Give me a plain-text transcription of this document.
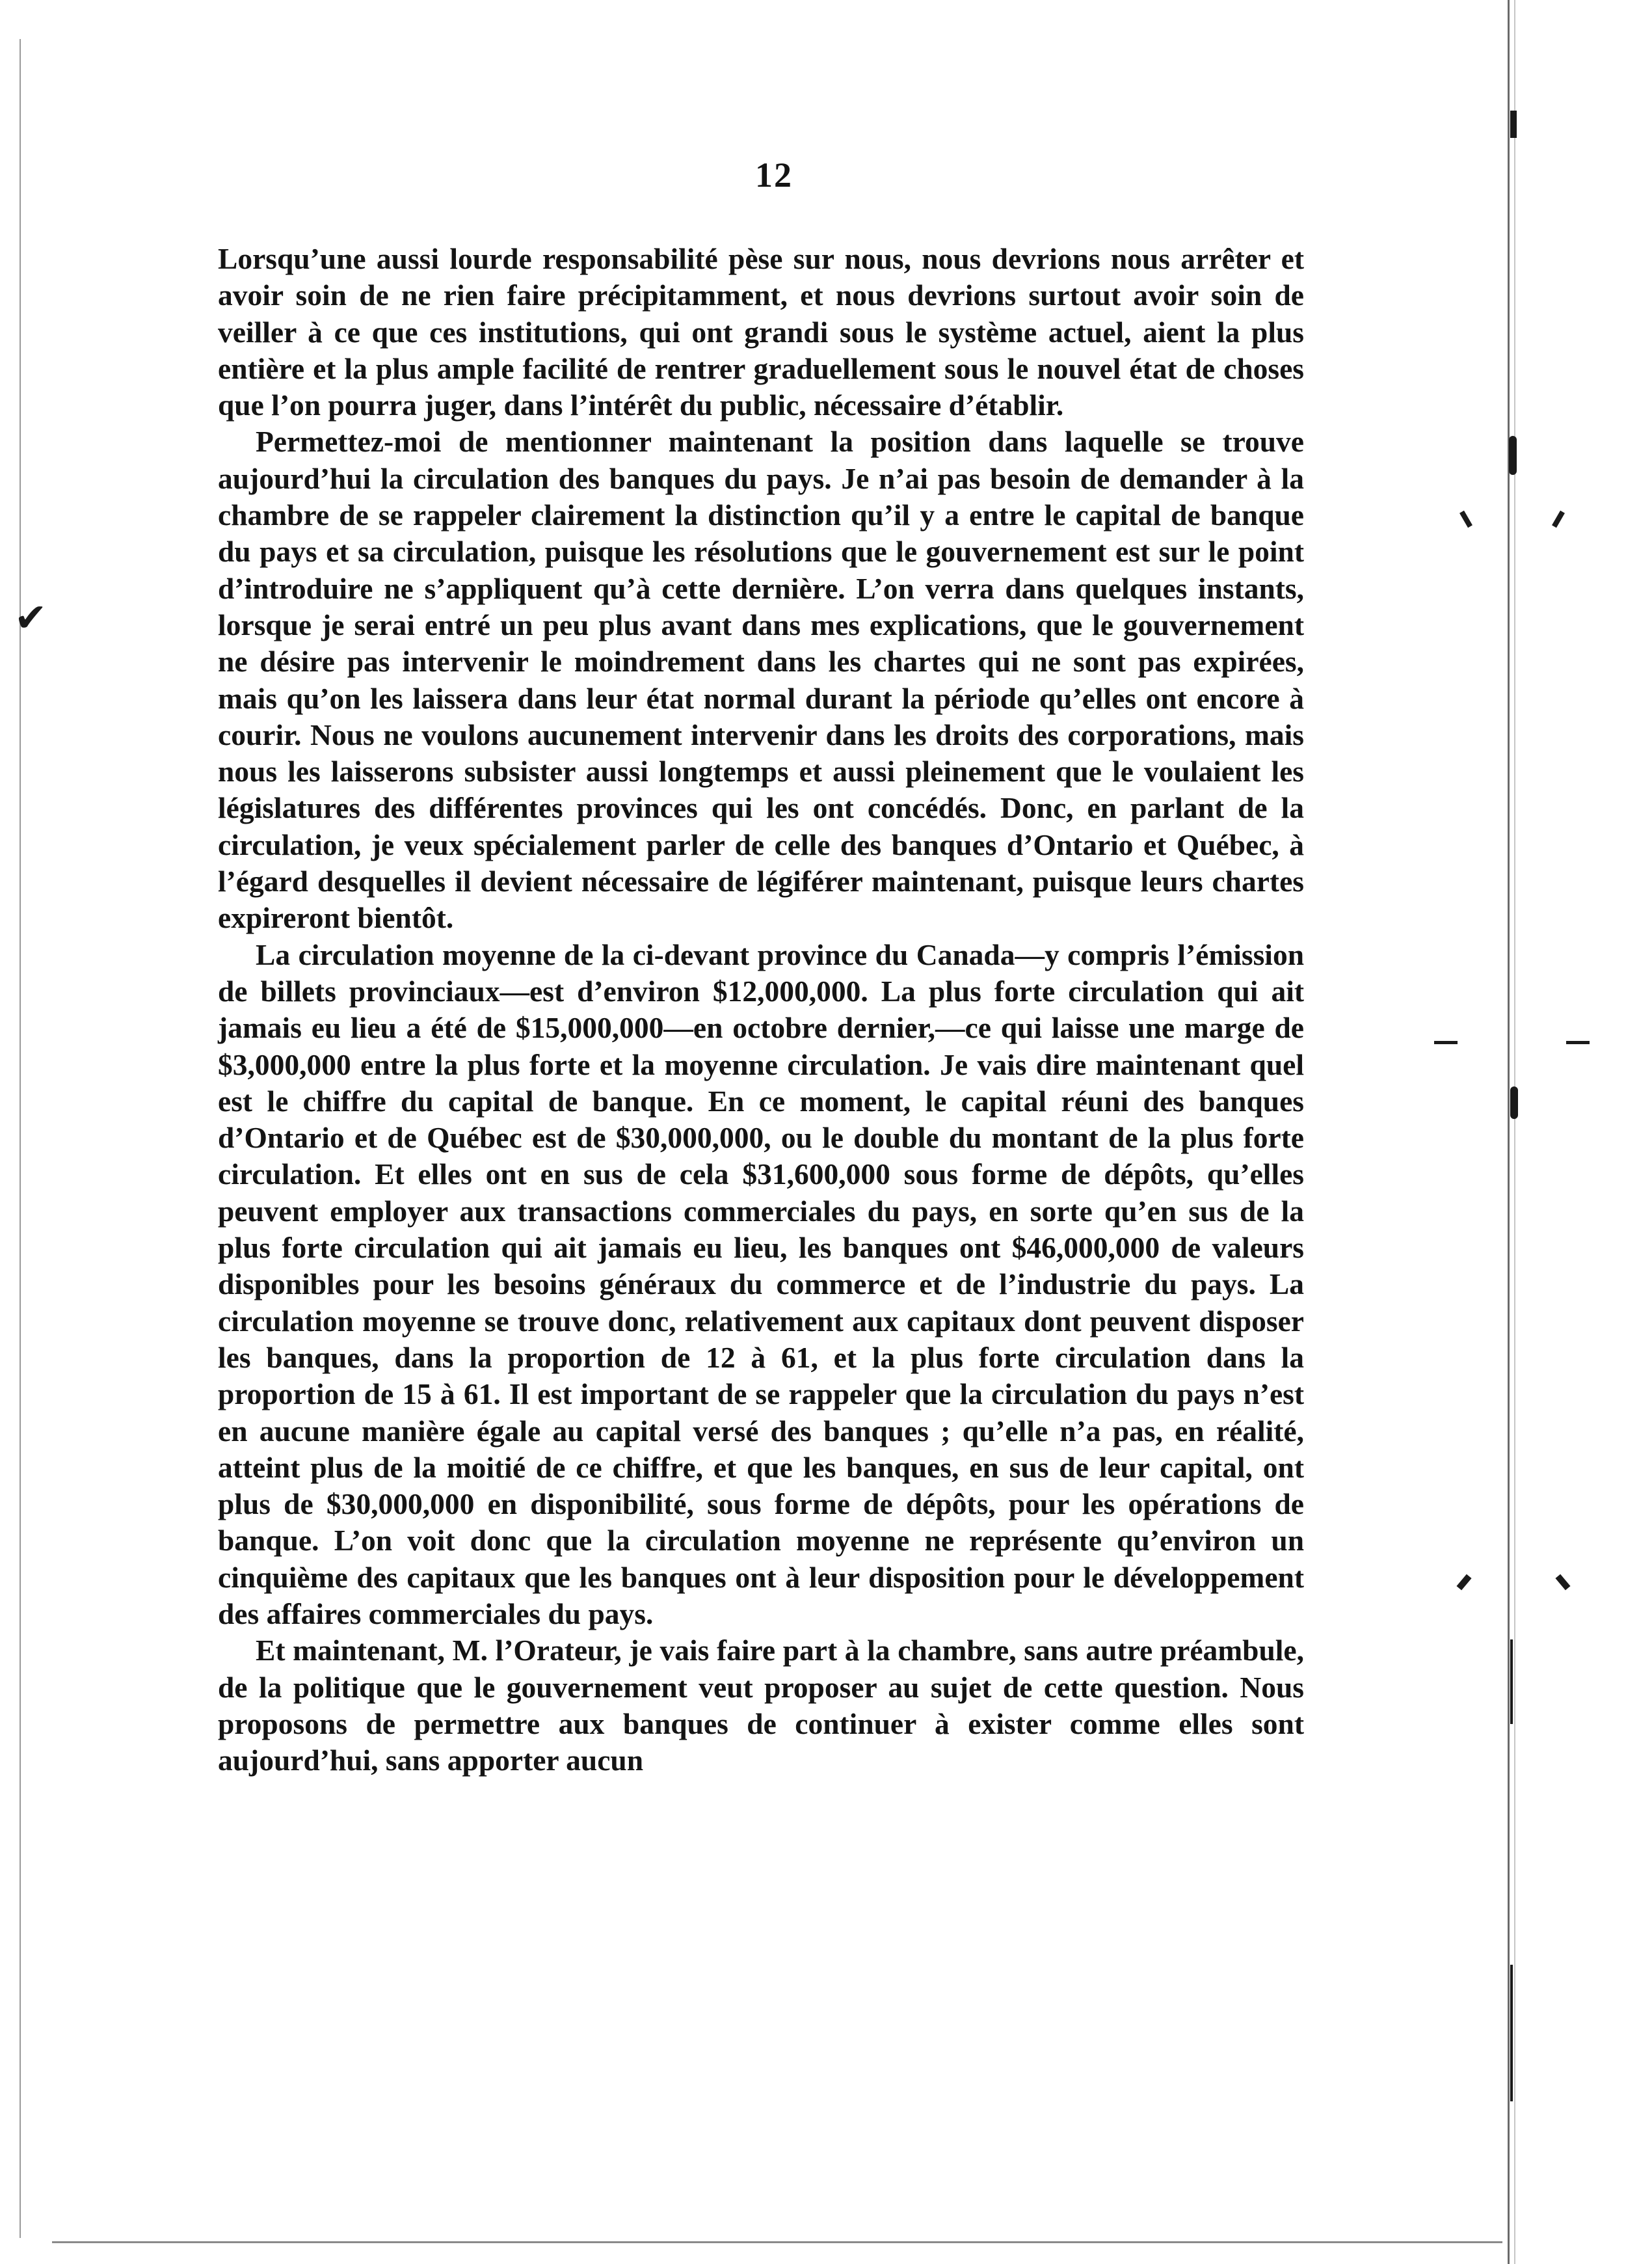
✔
12

Lorsqu’une aussi lourde responsabilité pèse sur nous, nous devrions nous arrêter et avoir soin de ne rien faire précipitamment, et nous devrions surtout avoir soin de veiller à ce que ces institutions, qui ont grandi sous le système actuel, aient la plus entière et la plus ample facilité de rentrer graduellement sous le nouvel état de choses que l’on pourra juger, dans l’intérêt du public, nécessaire d’établir.

Permettez-moi de mentionner maintenant la position dans laquelle se trouve aujourd’hui la circulation des banques du pays. Je n’ai pas besoin de demander à la chambre de se rappeler clairement la distinction qu’il y a entre le capital de banque du pays et sa circulation, puisque les résolutions que le gouvernement est sur le point d’introduire ne s’appliquent qu’à cette dernière. L’on verra dans quelques instants, lorsque je serai entré un peu plus avant dans mes explications, que le gouvernement ne désire pas intervenir le moindrement dans les chartes qui ne sont pas expirées, mais qu’on les laissera dans leur état normal durant la période qu’elles ont encore à courir. Nous ne voulons aucunement intervenir dans les droits des corporations, mais nous les laisserons subsister aussi longtemps et aussi pleinement que le voulaient les législatures des différentes provinces qui les ont concédés. Donc, en parlant de la circulation, je veux spécialement parler de celle des banques d’Ontario et Québec, à l’égard desquelles il devient nécessaire de légiférer maintenant, puisque leurs chartes expireront bientôt.

La circulation moyenne de la ci-devant province du Canada—y compris l’émission de billets provinciaux—est d’environ $12,000,000. La plus forte circulation qui ait jamais eu lieu a été de $15,000,000—en octobre dernier,—ce qui laisse une marge de $3,000,000 entre la plus forte et la moyenne circulation. Je vais dire maintenant quel est le chiffre du capital de banque. En ce moment, le capital réuni des banques d’Ontario et de Québec est de $30,000,000, ou le double du montant de la plus forte circulation. Et elles ont en sus de cela $31,600,000 sous forme de dépôts, qu’elles peuvent employer aux transactions commerciales du pays, en sorte qu’en sus de la plus forte circulation qui ait jamais eu lieu, les banques ont $46,000,000 de valeurs disponibles pour les besoins généraux du commerce et de l’industrie du pays. La circulation moyenne se trouve donc, relativement aux capitaux dont peuvent disposer les banques, dans la proportion de 12 à 61, et la plus forte circulation dans la proportion de 15 à 61. Il est important de se rappeler que la circulation du pays n’est en aucune manière égale au capital versé des banques ; qu’elle n’a pas, en réalité, atteint plus de la moitié de ce chiffre, et que les banques, en sus de leur capital, ont plus de $30,000,000 en disponibilité, sous forme de dépôts, pour les opérations de banque. L’on voit donc que la circulation moyenne ne représente qu’environ un cinquième des capitaux que les banques ont à leur disposition pour le développement des affaires commerciales du pays.

Et maintenant, M. l’Orateur, je vais faire part à la chambre, sans autre préambule, de la politique que le gouvernement veut proposer au sujet de cette question. Nous proposons de permettre aux banques de continuer à exister comme elles sont aujourd’hui, sans apporter aucun
